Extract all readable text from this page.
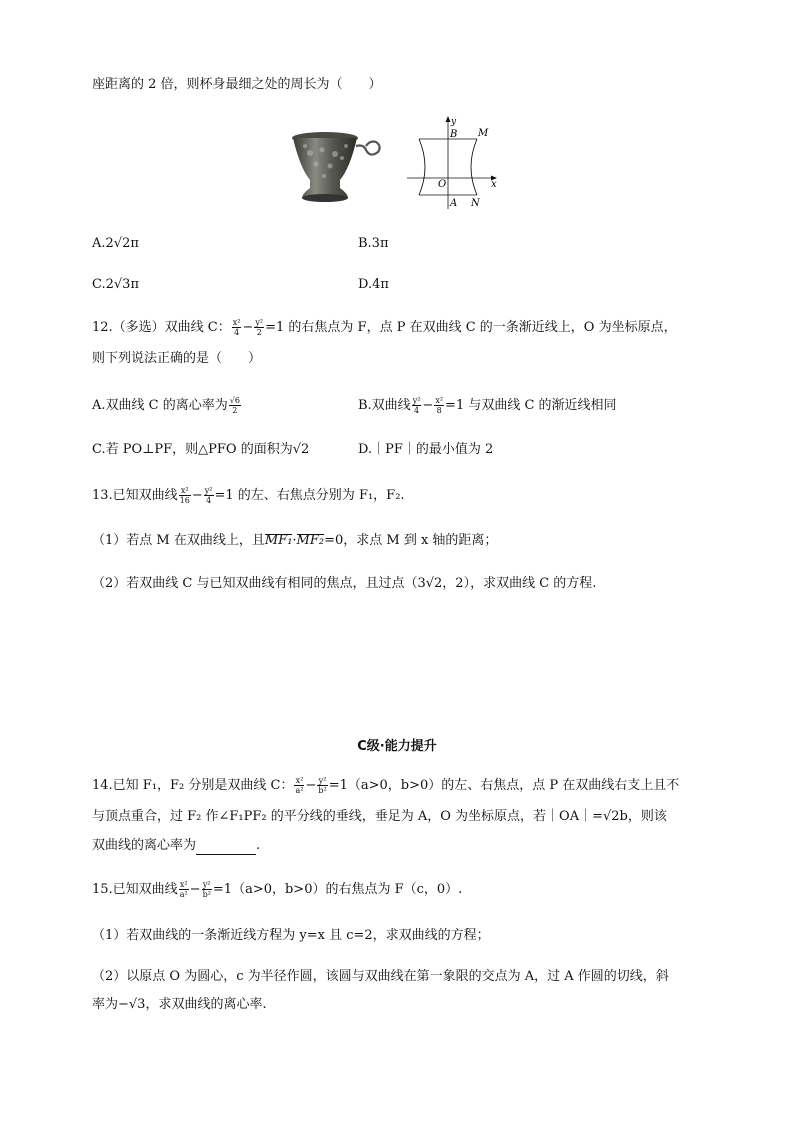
座距离的 2 倍，则杯身最细之处的周长为（　　）
y
B M
O	x
A N
A.2√2π	B.3π
C.2√3π	D.4π
12.（多选）双曲线 C： $\frac{\text{x²}}{4} - \frac{\text{y²}}{2} =1$ 的右焦点为 F，点 P 在双曲线 C 的一条渐近线上，O 为坐标原点，
则下列说法正确的是（　　）
A.双曲线 C 的离心率为 $\frac{√6}{2}$	B.双曲线 $\frac{\text{y²}}{4} - \frac{\text{x²}}{8} =1$ 与双曲线 C 的渐近线相同
C.若 PO⊥PF，则△PFO 的面积为√2	D.｜PF｜的最小值为 2
13.已知双曲线 $\frac{\text{x²}}{16} - \frac{\text{y²}}{4} =1$ 的左、右焦点分别为 F₁，F₂.
（1）若点 M 在双曲线上，且MF₁·MF₂=0，求点 M 到 x 轴的距离；
（2）若双曲线 C 与已知双曲线有相同的焦点，且过点（3√2，2），求双曲线 C 的方程.
C级·能力提升
14.已知 F₁，F₂ 分别是双曲线 C： $\frac{\text{x²}}{\text{a²}} - \frac{\text{y²}}{\text{b²}} =1(a>0$，b>0）的左、右焦点，点 P 在双曲线右支上且不
与顶点重合，过 F₂ 作∠F₁PF₂ 的平分线的垂线，垂足为 A，O 为坐标原点，若｜OA｜=√2b，则该
双曲线的离心率为	.
15.已知双曲线 $\frac{\text{x²}}{\text{a²}} - \frac{\text{y²}}{\text{b²}} =1(a>0$，b>0）的右焦点为 F（c，0）.
（1）若双曲线的一条渐近线方程为 y=x 且 c=2，求双曲线的方程；
（2）以原点 O 为圆心，c 为半径作圆，该圆与双曲线在第一象限的交点为 A，过 A 作圆的切线，斜
率为−√3，求双曲线的离心率.
